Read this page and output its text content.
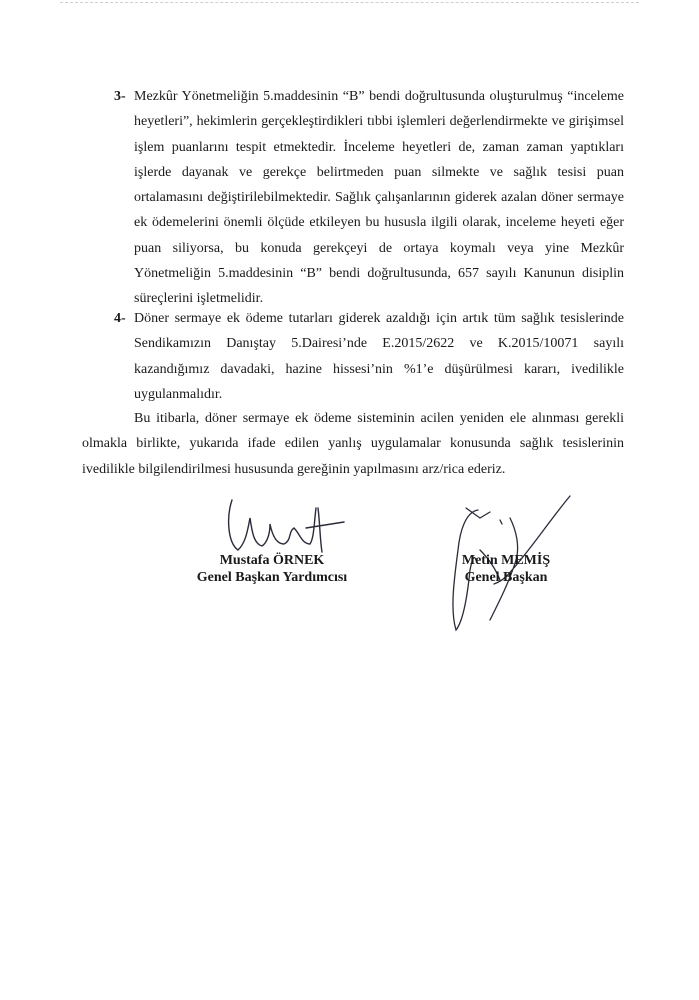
3- Mezkûr Yönetmeliğin 5.maddesinin “B” bendi doğrultusunda oluşturulmuş “inceleme heyetleri”, hekimlerin gerçekleştirdikleri tıbbi işlemleri değerlendirmekte ve girişimsel işlem puanlarını tespit etmektedir. İnceleme heyetleri de, zaman zaman yaptıkları işlerde dayanak ve gerekçe belirtmeden puan silmekte ve sağlık tesisi puan ortalamasını değiştirilebilmektedir. Sağlık çalışanlarının giderek azalan döner sermaye ek ödemelerini önemli ölçüde etkileyen bu hususla ilgili olarak, inceleme heyeti eğer puan siliyorsa, bu konuda gerekçeyi de ortaya koymalı veya yine Mezkûr Yönetmeliğin 5.maddesinin “B” bendi doğrultusunda, 657 sayılı Kanunun disiplin süreçlerini işletmelidir.
4- Döner sermaye ek ödeme tutarları giderek azaldığı için artık tüm sağlık tesislerinde Sendikamızın Danıştay 5.Dairesi’nde E.2015/2622 ve K.2015/10071 sayılı kazandığımız davadaki, hazine hissesi’nin %1’e düşürülmesi kararı, ivedilikle uygulanmalıdır.
Bu itibarla, döner sermaye ek ödeme sisteminin acilen yeniden ele alınması gerekli olmakla birlikte, yukarıda ifade edilen yanlış uygulamalar konusunda sağlık tesislerinin ivedilikle bilgilendirilmesi hususunda gereğinin yapılmasını arz/rica ederiz.
Mustafa ÖRNEK
Genel Başkan Yardımcısı
Metin MEMİŞ
Genel Başkan
